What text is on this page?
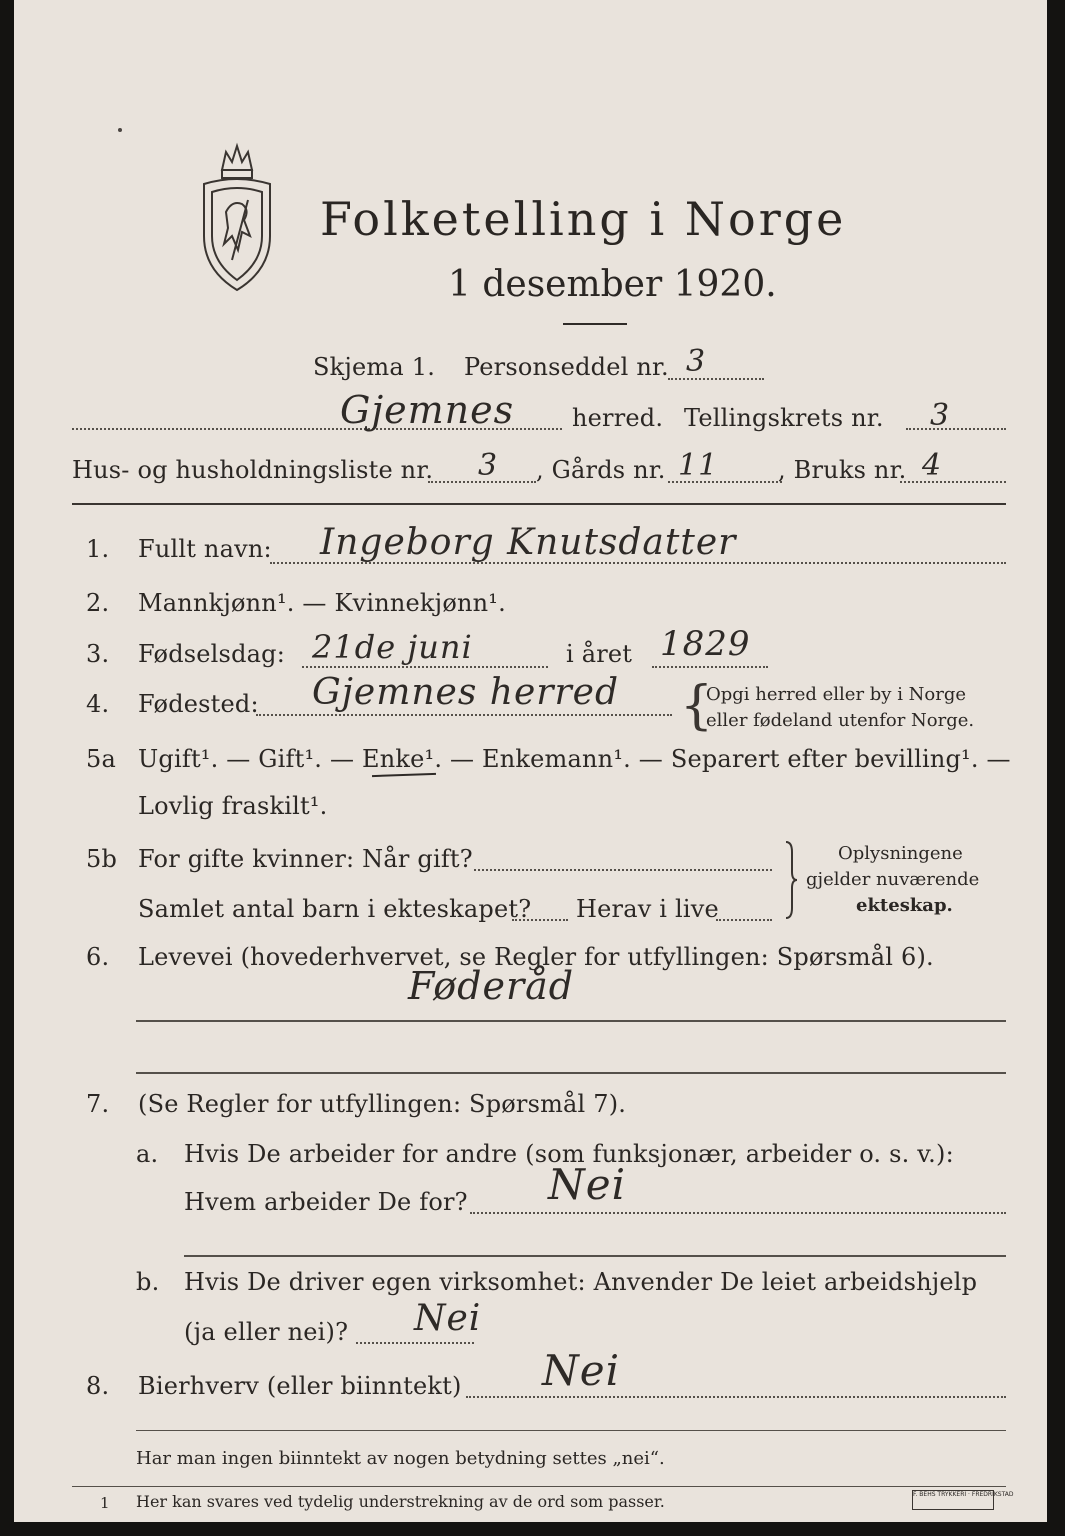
Folketelling i Norge
1 desember 1920.
Skjema 1. Personseddel nr. 3
Gjemnes herred. Tellingskrets nr. 3
Hus- og husholdningsliste nr. 3 , Gårds nr. 11 , Bruks nr. 4
1. Fullt navn: Ingeborg Knutsdatter
2. Mannkjønn¹. — Kvinnekjønn¹.
3. Fødselsdag: 21de juni	i året 1829
4. Fødested: Gjemnes herred {
Opgi herred eller by i Norge
eller fødeland utenfor Norge.
5a Ugift¹. — Gift¹. — Enke¹. — Enkemann¹. — Separert efter bevilling¹. —
Lovlig fraskilt¹.
5b For gifte kvinner: Når gift?
Samlet antal barn i ekteskapet? Herav i live
Oplysningene
gjelder nuværende
ekteskap.
6. Levevei (hovederhvervet, se Regler for utfyllingen: Spørsmål 6).
Føderåd
7. (Se Regler for utfyllingen: Spørsmål 7).
a. Hvis De arbeider for andre (som funksjonær, arbeider o. s. v.):
Hvem arbeider De for? Nei
b. Hvis De driver egen virksomhet: Anvender De leiet arbeidshjelp
(ja eller nei)? Nei
8. Bierhverv (eller biinntekt) Nei
Har man ingen biinntekt av nogen betydning settes „nei“.
1 Her kan svares ved tydelig understrekning av de ord som passer.	F. BEHS TRYKKERI · FREDRIKSTAD
